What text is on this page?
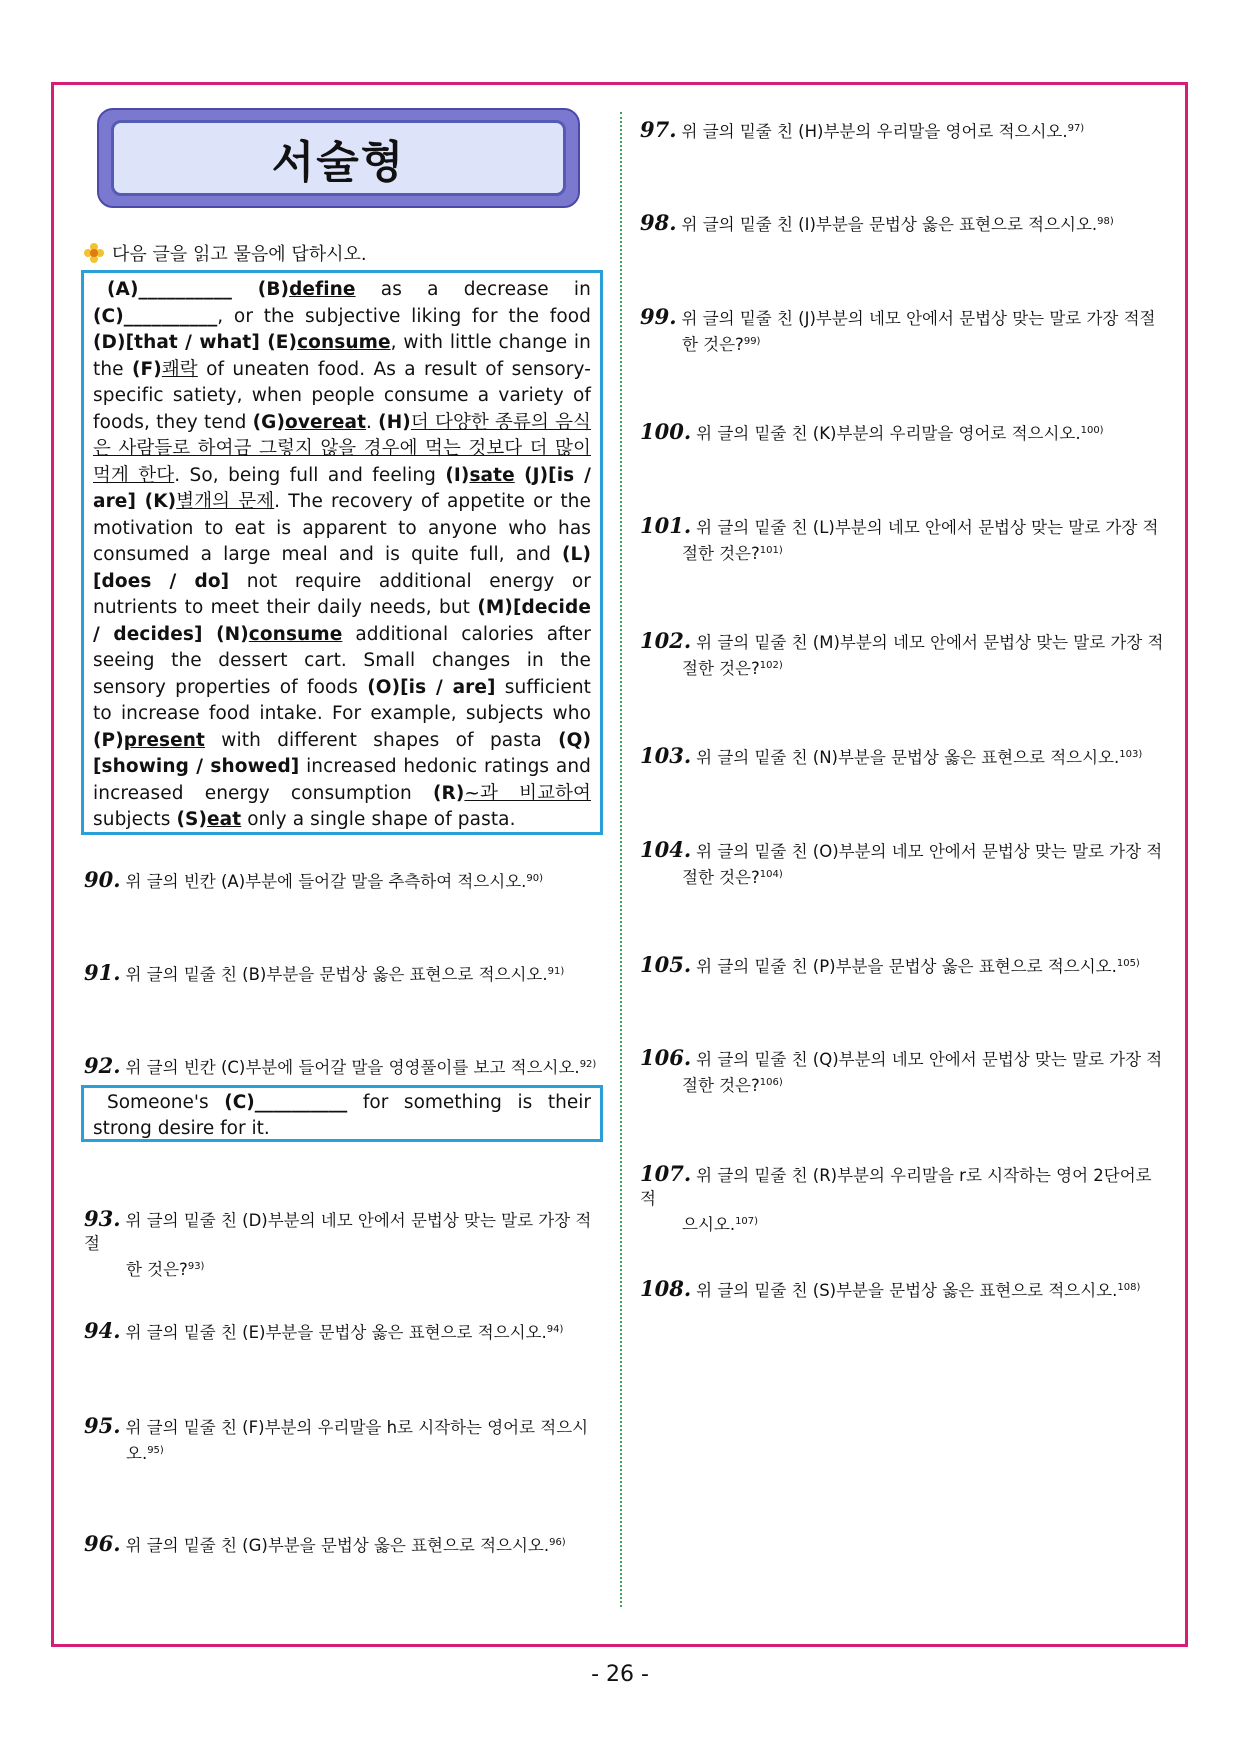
서술형
다음 글을 읽고 물음에 답하시오.
(A)__________ (B)define as a decrease in (C)__________, or the subjective liking for the food (D)[that / what] (E)consume, with little change in the (F)쾌락 of uneaten food. As a result of sensory-specific satiety, when people consume a variety of foods, they tend (G)overeat. (H)더 다양한 종류의 음식은 사람들로 하여금 그렇지 않을 경우에 먹는 것보다 더 많이 먹게 한다. So, being full and feeling (I)sate (J)[is / are] (K)별개의 문제. The recovery of appetite or the motivation to eat is apparent to anyone who has consumed a large meal and is quite full, and (L)[does / do] not require additional energy or nutrients to meet their daily needs, but (M)[decide / decides] (N)consume additional calories after seeing the dessert cart. Small changes in the sensory properties of foods (O)[is / are] sufficient to increase food intake. For example, subjects who (P)present with different shapes of pasta (Q)[showing / showed] increased hedonic ratings and increased energy consumption (R)~과 비교하여 subjects (S)eat only a single shape of pasta.
90. 위 글의 빈칸 (A)부분에 들어갈 말을 추측하여 적으시오.$^{90)}$
91. 위 글의 밑줄 친 (B)부분을 문법상 옳은 표현으로 적으시오.$^{91)}$
92. 위 글의 빈칸 (C)부분에 들어갈 말을 영영풀이를 보고 적으시오.$^{92)}$
Someone's (C)__________ for something is their strong desire for it.
93. 위 글의 밑줄 친 (D)부분의 네모 안에서 문법상 맞는 말로 가장 적절
한 것은?$^{93)}$
94. 위 글의 밑줄 친 (E)부분을 문법상 옳은 표현으로 적으시오.$^{94)}$
95. 위 글의 밑줄 친 (F)부분의 우리말을 h로 시작하는 영어로 적으시
오.$^{95)}$
96. 위 글의 밑줄 친 (G)부분을 문법상 옳은 표현으로 적으시오.$^{96)}$
97. 위 글의 밑줄 친 (H)부분의 우리말을 영어로 적으시오.$^{97)}$
98. 위 글의 밑줄 친 (I)부분을 문법상 옳은 표현으로 적으시오.$^{98)}$
99. 위 글의 밑줄 친 (J)부분의 네모 안에서 문법상 맞는 말로 가장 적절
한 것은?$^{99)}$
100. 위 글의 밑줄 친 (K)부분의 우리말을 영어로 적으시오.$^{100)}$
101. 위 글의 밑줄 친 (L)부분의 네모 안에서 문법상 맞는 말로 가장 적
절한 것은?$^{101)}$
102. 위 글의 밑줄 친 (M)부분의 네모 안에서 문법상 맞는 말로 가장 적
절한 것은?$^{102)}$
103. 위 글의 밑줄 친 (N)부분을 문법상 옳은 표현으로 적으시오.$^{103)}$
104. 위 글의 밑줄 친 (O)부분의 네모 안에서 문법상 맞는 말로 가장 적
절한 것은?$^{104)}$
105. 위 글의 밑줄 친 (P)부분을 문법상 옳은 표현으로 적으시오.$^{105)}$
106. 위 글의 밑줄 친 (Q)부분의 네모 안에서 문법상 맞는 말로 가장 적
절한 것은?$^{106)}$
107. 위 글의 밑줄 친 (R)부분의 우리말을 r로 시작하는 영어 2단어로 적
으시오.$^{107)}$
108. 위 글의 밑줄 친 (S)부분을 문법상 옳은 표현으로 적으시오.$^{108)}$
- 26 -
